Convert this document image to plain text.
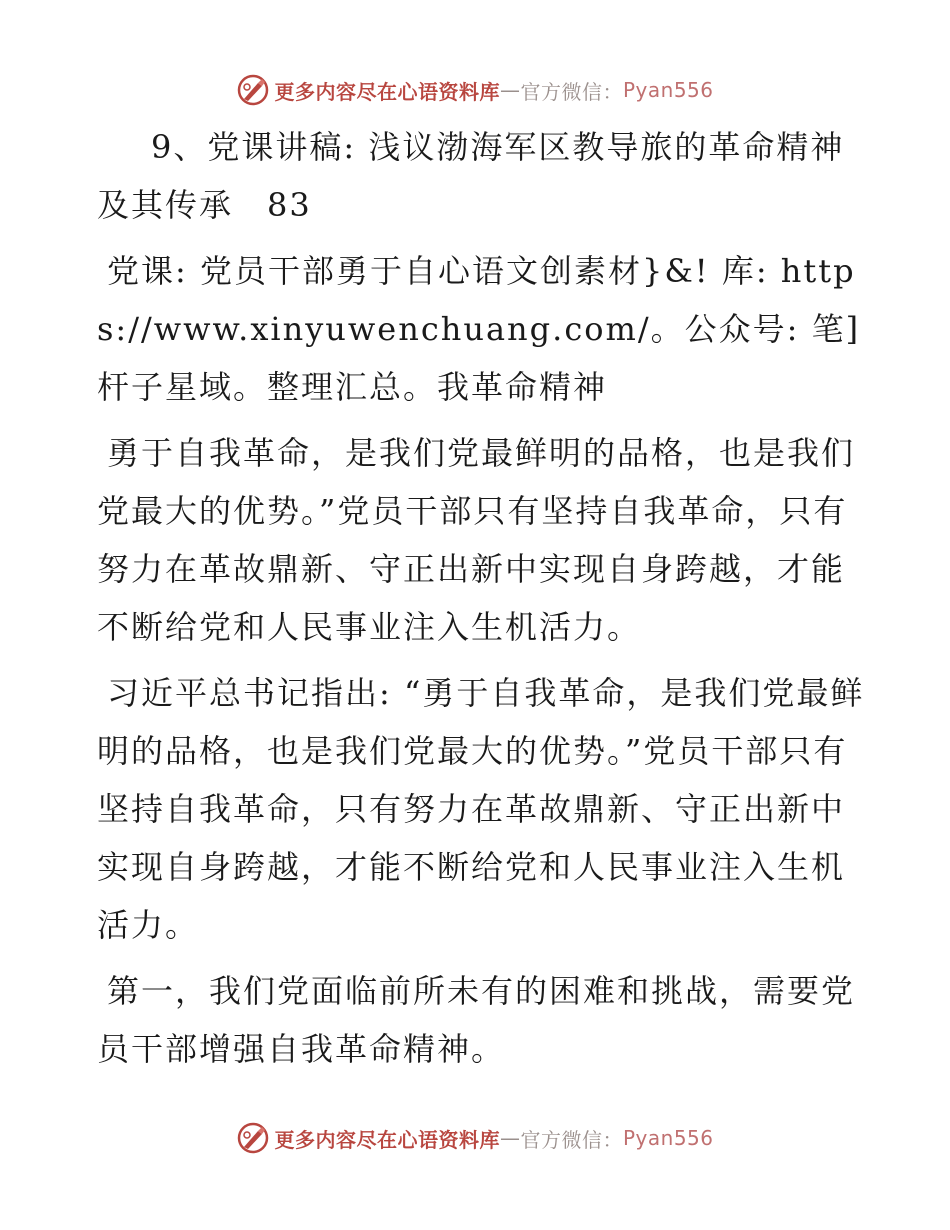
更多内容尽在心语资料库 — 官方微信： Pyan556

9、党课讲稿: 浅议渤海军区教导旅的革命精神及其传承　83

党课: 党员干部勇于自心语文创素材}&! 库: https://www.xinyuwenchuang.com/。公众号: 笔]杆子星域。整理汇总。我革命精神

勇于自我革命，是我们党最鲜明的品格，也是我们党最大的优势。”党员干部只有坚持自我革命，只有努力在革故鼎新、守正出新中实现自身跨越，才能不断给党和人民事业注入生机活力。

习近平总书记指出: “勇于自我革命，是我们党最鲜明的品格，也是我们党最大的优势。”党员干部只有坚持自我革命，只有努力在革故鼎新、守正出新中实现自身跨越，才能不断给党和人民事业注入生机活力。

第一，我们党面临前所未有的困难和挑战，需要党员干部增强自我革命精神。

更多内容尽在心语资料库 — 官方微信： Pyan556
